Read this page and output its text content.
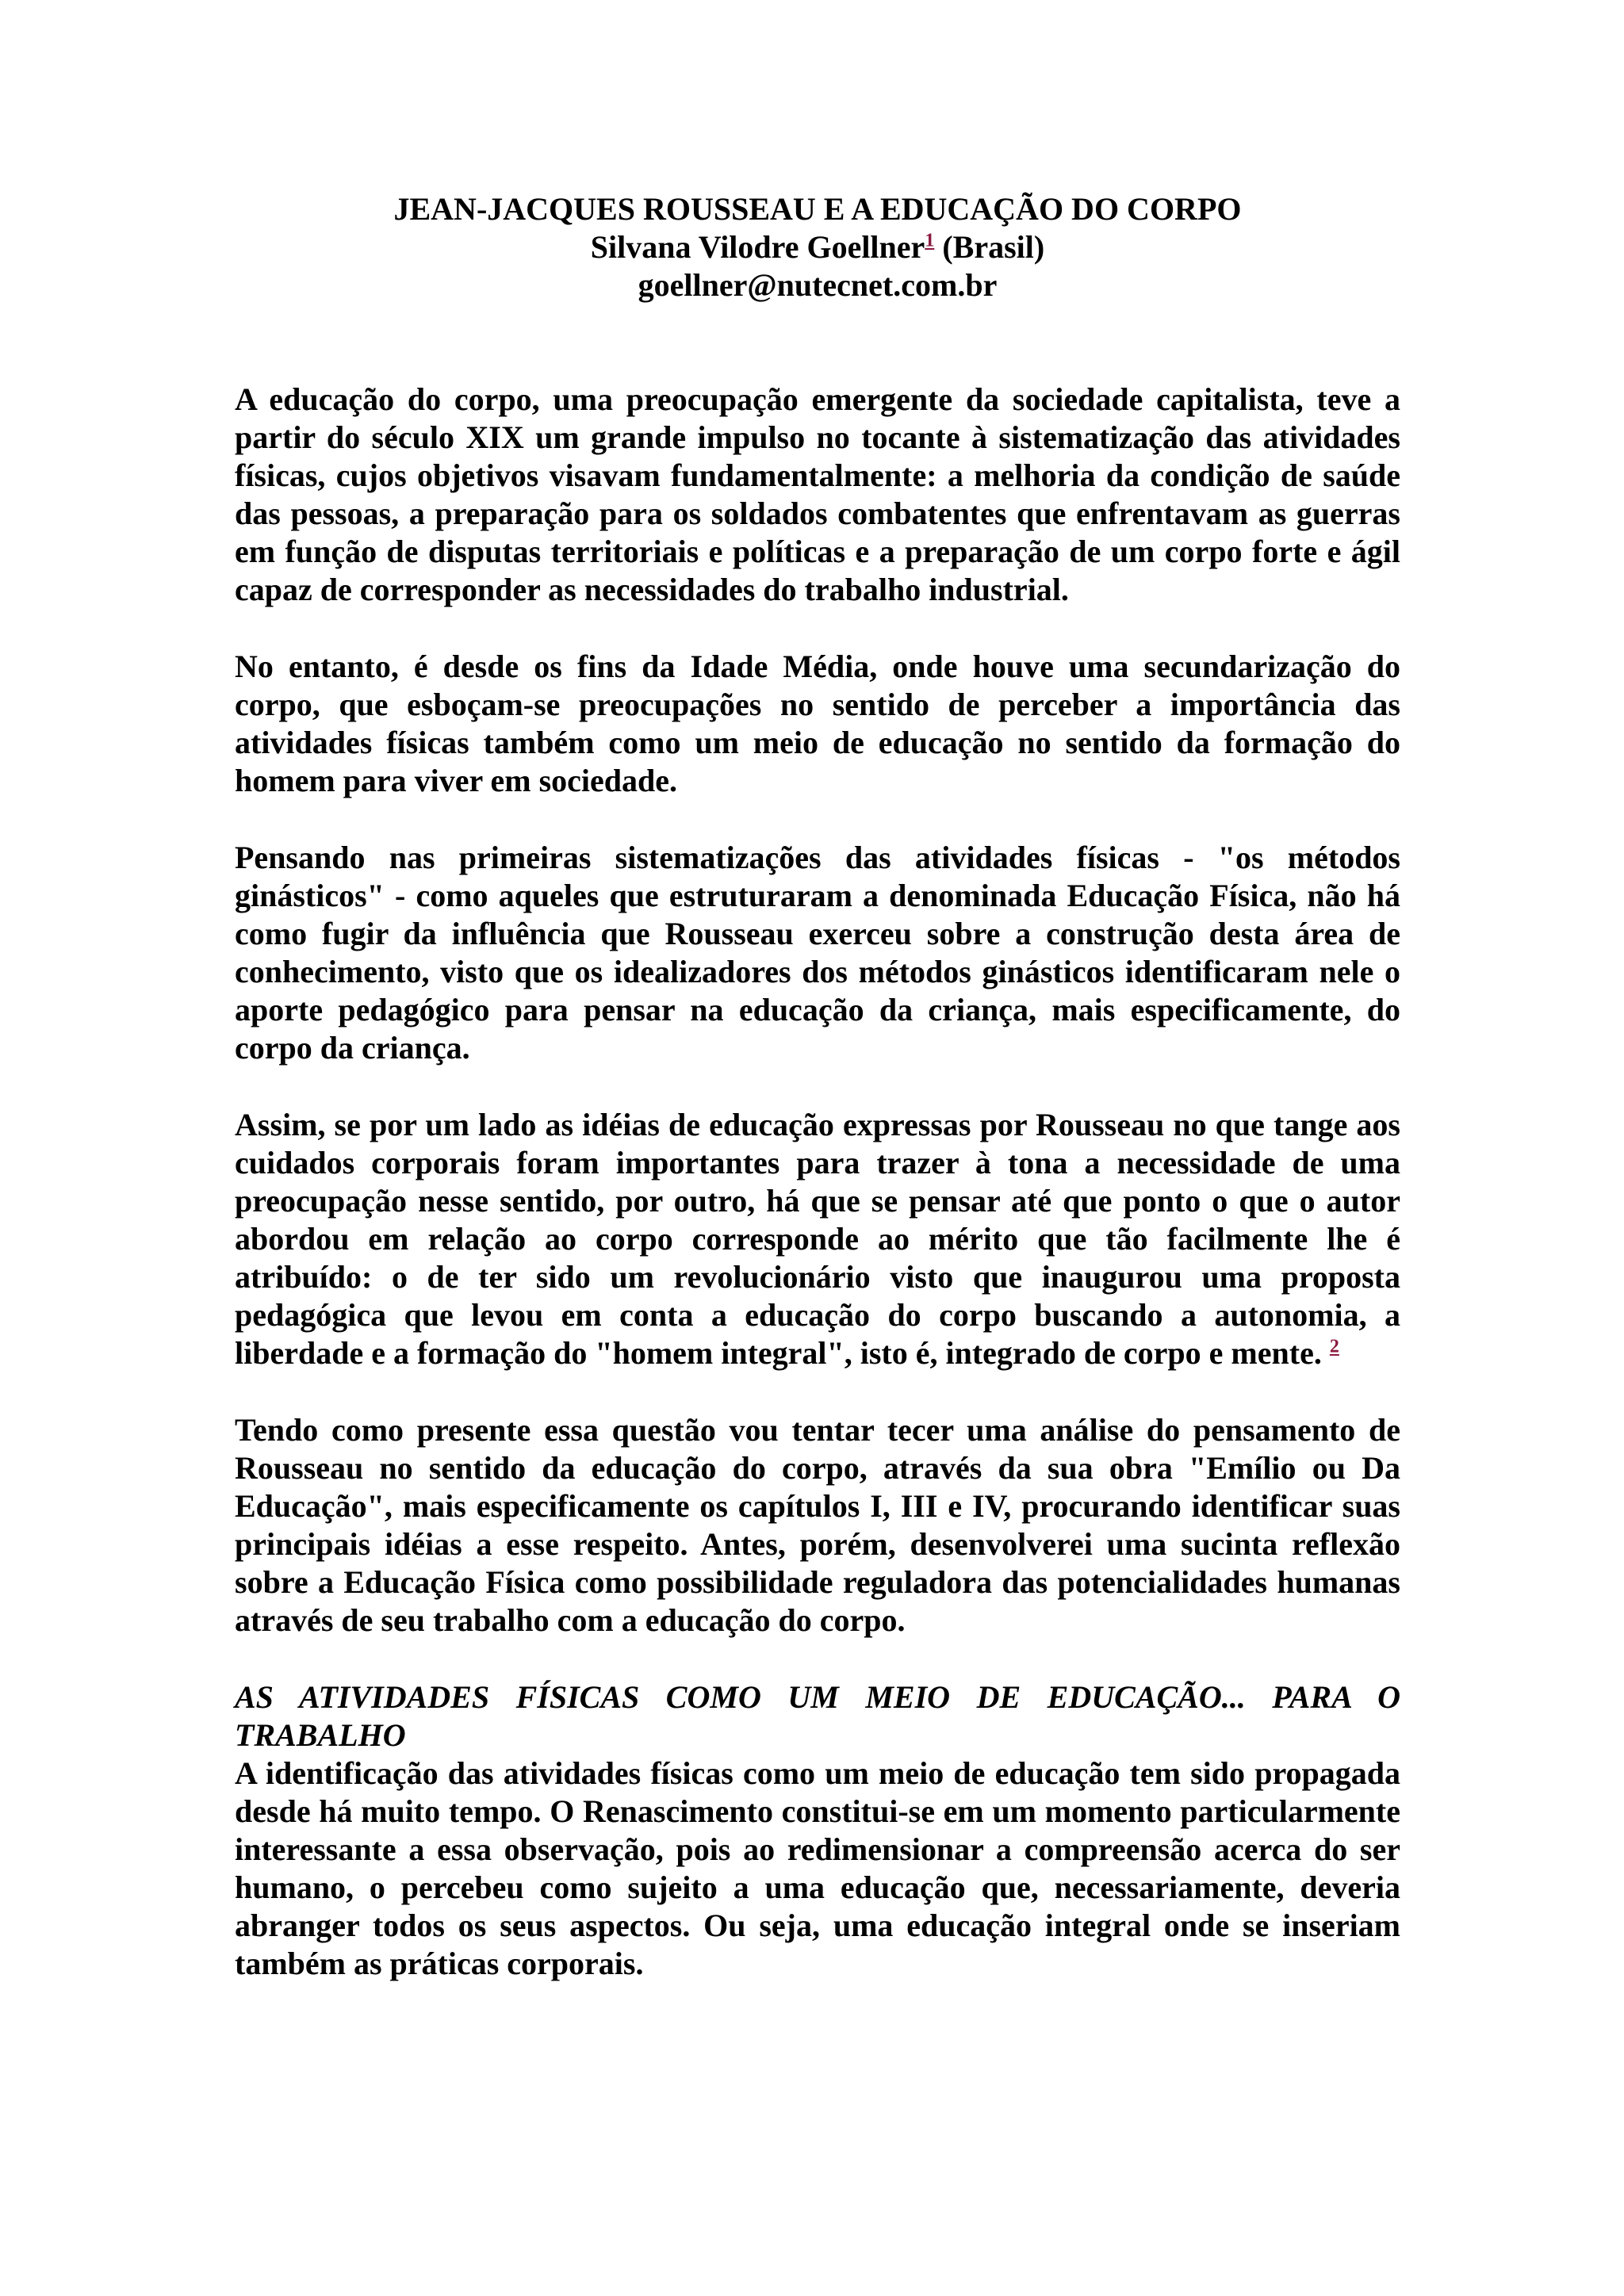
JEAN-JACQUES ROUSSEAU E A EDUCAÇÃO DO CORPO
Silvana Vilodre Goellner$^1$ (Brasil)
goellner@nutecnet.com.br

A educação do corpo, uma preocupação emergente da sociedade capitalista, teve a partir do século XIX um grande impulso no tocante à sistematização das atividades físicas, cujos objetivos visavam fundamentalmente: a melhoria da condição de saúde das pessoas, a preparação para os soldados combatentes que enfrentavam as guerras em função de disputas territoriais e políticas e a preparação de um corpo forte e ágil capaz de corresponder as necessidades do trabalho industrial.

No entanto, é desde os fins da Idade Média, onde houve uma secundarização do corpo, que esboçam-se preocupações no sentido de perceber a importância das atividades físicas também como um meio de educação no sentido da formação do homem para viver em sociedade.

Pensando nas primeiras sistematizações das atividades físicas - "os métodos ginásticos" - como aqueles que estruturaram a denominada Educação Física, não há como fugir da influência que Rousseau exerceu sobre a construção desta área de conhecimento, visto que os idealizadores dos métodos ginásticos identificaram nele o aporte pedagógico para pensar na educação da criança, mais especificamente, do corpo da criança.

Assim, se por um lado as idéias de educação expressas por Rousseau no que tange aos cuidados corporais foram importantes para trazer à tona a necessidade de uma preocupação nesse sentido, por outro, há que se pensar até que ponto o que o autor abordou em relação ao corpo corresponde ao mérito que tão facilmente lhe é atribuído: o de ter sido um revolucionário visto que inaugurou uma proposta pedagógica que levou em conta a educação do corpo buscando a autonomia, a liberdade e a formação do "homem integral", isto é, integrado de corpo e mente. $^2$

Tendo como presente essa questão vou tentar tecer uma análise do pensamento de Rousseau no sentido da educação do corpo, através da sua obra "Emílio ou Da Educação", mais especificamente os capítulos I, III e IV, procurando identificar suas principais idéias a esse respeito. Antes, porém, desenvolverei uma sucinta reflexão sobre a Educação Física como possibilidade reguladora das potencialidades humanas através de seu trabalho com a educação do corpo.

AS ATIVIDADES FÍSICAS COMO UM MEIO DE EDUCAÇÃO... PARA O TRABALHO

A identificação das atividades físicas como um meio de educação tem sido propagada desde há muito tempo. O Renascimento constitui-se em um momento particularmente interessante a essa observação, pois ao redimensionar a compreensão acerca do ser humano, o percebeu como sujeito a uma educação que, necessariamente, deveria abranger todos os seus aspectos. Ou seja, uma educação integral onde se inseriam também as práticas corporais.
